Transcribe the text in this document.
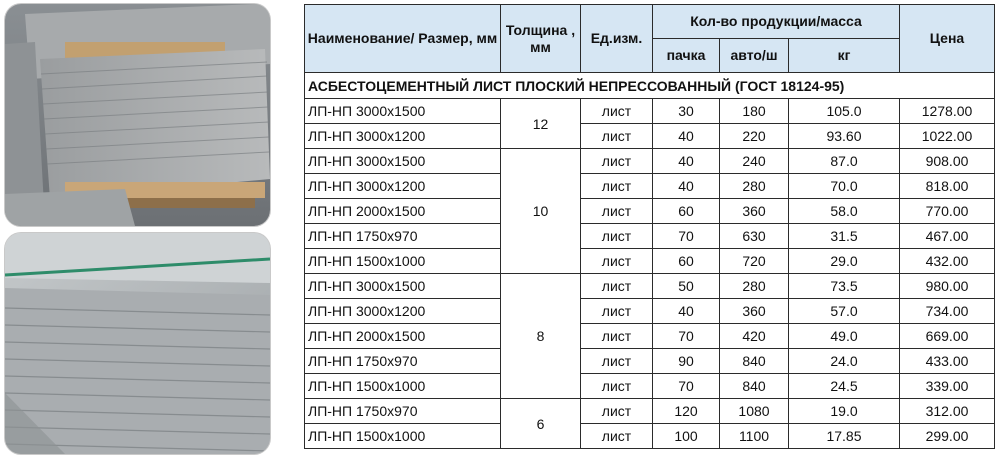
Наименование/ Размер, мм	Толщина , мм	Ед.изм.	Кол-во продукции/масса			Цена
			пачка	авто/ш	кг	
АСБЕСТОЦЕМЕНТНЫЙ ЛИСТ ПЛОСКИЙ НЕПРЕССОВАННЫЙ (ГОСТ 18124-95)						
ЛП-НП 3000х1500	12	лист	30	180	105.0	1278.00
ЛП-НП 3000х1200		лист	40	220	93.60	1022.00
ЛП-НП 3000х1500	10	лист	40	240	87.0	908.00
ЛП-НП 3000х1200		лист	40	280	70.0	818.00
ЛП-НП 2000х1500		лист	60	360	58.0	770.00
ЛП-НП 1750х970		лист	70	630	31.5	467.00
ЛП-НП 1500х1000		лист	60	720	29.0	432.00
ЛП-НП 3000х1500	8	лист	50	280	73.5	980.00
ЛП-НП 3000х1200		лист	40	360	57.0	734.00
ЛП-НП 2000х1500		лист	70	420	49.0	669.00
ЛП-НП 1750х970		лист	90	840	24.0	433.00
ЛП-НП 1500х1000		лист	70	840	24.5	339.00
ЛП-НП 1750х970	6	лист	120	1080	19.0	312.00
ЛП-НП 1500х1000		лист	100	1100	17.85	299.00
